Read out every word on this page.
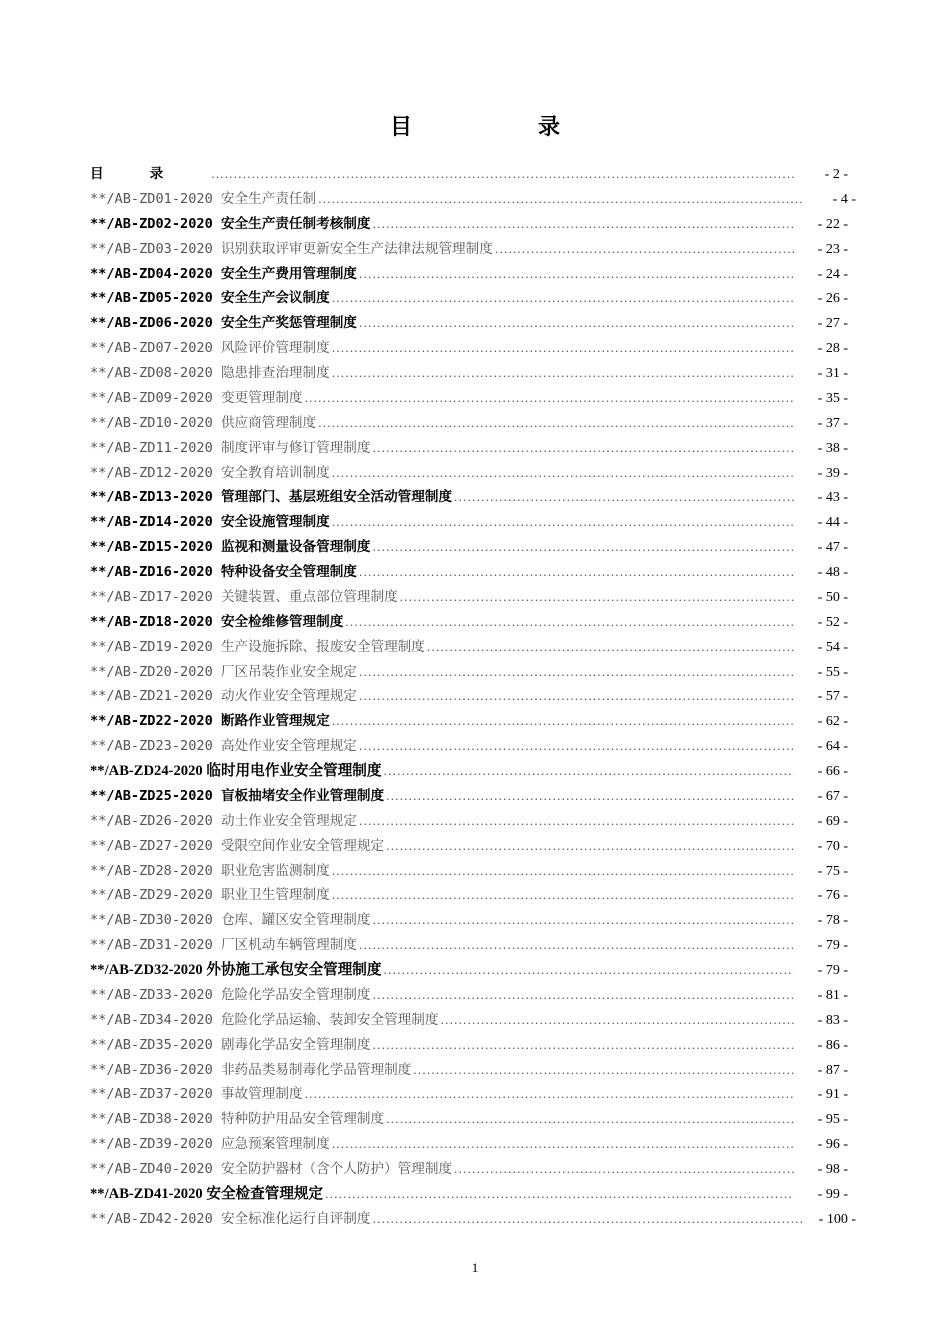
目　录
目录 .....	- 2 -
**/AB-ZD01-2020 安全生产责任制 .....	- 4 -
**/AB-ZD02-2020 安全生产责任制考核制度 .....	- 22 -
**/AB-ZD03-2020 识别获取评审更新安全生产法律法规管理制度 .....	- 23 -
**/AB-ZD04-2020 安全生产费用管理制度 .....	- 24 -
**/AB-ZD05-2020 安全生产会议制度 .....	- 26 -
**/AB-ZD06-2020 安全生产奖惩管理制度 .....	- 27 -
**/AB-ZD07-2020 风险评价管理制度 .....	- 28 -
**/AB-ZD08-2020 隐患排查治理制度 .....	- 31 -
**/AB-ZD09-2020 变更管理制度 .....	- 35 -
**/AB-ZD10-2020 供应商管理制度 .....	- 37 -
**/AB-ZD11-2020 制度评审与修订管理制度 .....	- 38 -
**/AB-ZD12-2020 安全教育培训制度 .....	- 39 -
**/AB-ZD13-2020 管理部门、基层班组安全活动管理制度 .....	- 43 -
**/AB-ZD14-2020 安全设施管理制度 .....	- 44 -
**/AB-ZD15-2020 监视和测量设备管理制度 .....	- 47 -
**/AB-ZD16-2020 特种设备安全管理制度 .....	- 48 -
**/AB-ZD17-2020 关键装置、重点部位管理制度 .....	- 50 -
**/AB-ZD18-2020 安全检维修管理制度 .....	- 52 -
**/AB-ZD19-2020 生产设施拆除、报废安全管理制度 .....	- 54 -
**/AB-ZD20-2020 厂区吊装作业安全规定 .....	- 55 -
**/AB-ZD21-2020 动火作业安全管理规定 .....	- 57 -
**/AB-ZD22-2020 断路作业管理规定 .....	- 62 -
**/AB-ZD23-2020 高处作业安全管理规定 .....	- 64 -
**/AB-ZD24-2020 临时用电作业安全管理制度 .....	- 66 -
**/AB-ZD25-2020 盲板抽堵安全作业管理制度 .....	- 67 -
**/AB-ZD26-2020 动土作业安全管理规定 .....	- 69 -
**/AB-ZD27-2020 受限空间作业安全管理规定 .....	- 70 -
**/AB-ZD28-2020 职业危害监测制度 .....	- 75 -
**/AB-ZD29-2020 职业卫生管理制度 .....	- 76 -
**/AB-ZD30-2020 仓库、罐区安全管理制度 .....	- 78 -
**/AB-ZD31-2020 厂区机动车辆管理制度 .....	- 79 -
**/AB-ZD32-2020 外协施工承包安全管理制度 .....	- 79 -
**/AB-ZD33-2020 危险化学品安全管理制度 .....	- 81 -
**/AB-ZD34-2020 危险化学品运输、装卸安全管理制度 .....	- 83 -
**/AB-ZD35-2020 剧毒化学品安全管理制度 .....	- 86 -
**/AB-ZD36-2020 非药品类易制毒化学品管理制度 .....	- 87 -
**/AB-ZD37-2020 事故管理制度 .....	- 91 -
**/AB-ZD38-2020 特种防护用品安全管理制度 .....	- 95 -
**/AB-ZD39-2020 应急预案管理制度 .....	- 96 -
**/AB-ZD40-2020 安全防护器材（含个人防护）管理制度 .....	- 98 -
**/AB-ZD41-2020 安全检查管理规定 .....	- 99 -
**/AB-ZD42-2020 安全标准化运行自评制度 .....	- 100 -
1
